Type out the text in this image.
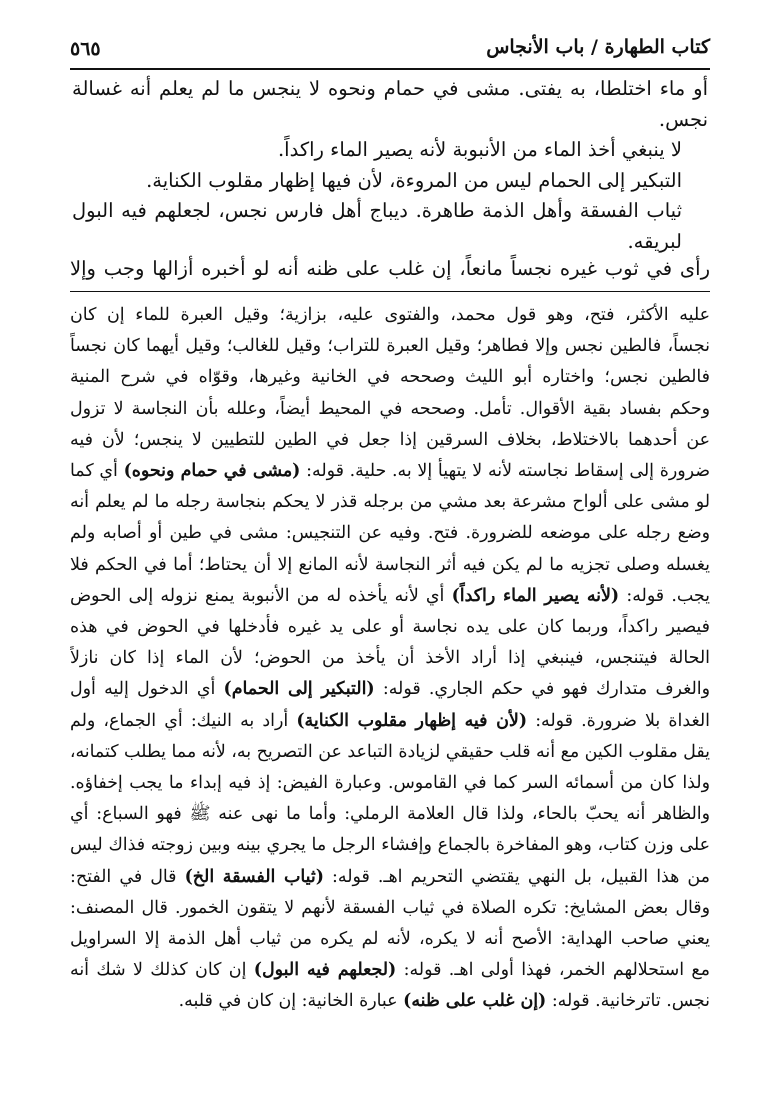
كتاب الطهارة / باب الأنجاس
٥٦٥

أو ماء اختلطا، به يفتى. مشى في حمام ونحوه لا ينجس ما لم يعلم أنه غسالة نجس.

لا ينبغي أخذ الماء من الأنبوبة لأنه يصير الماء راكداً.

التبكير إلى الحمام ليس من المروءة، لأن فيها إظهار مقلوب الكناية.

ثياب الفسقة وأهل الذمة طاهرة. ديباج أهل فارس نجس، لجعلهم فيه البول لبريقه.

رأى في ثوب غيره نجساً مانعاً، إن غلب على ظنه أنه لو أخبره أزالها وجب وإلا
عليه الأكثر، فتح، وهو قول محمد، والفتوى عليه، بزازية؛ وقيل العبرة للماء إن كان
نجساً، فالطين نجس وإلا فطاهر؛ وقيل العبرة للتراب؛ وقيل للغالب؛ وقيل أيهما كان نجساً
فالطين نجس؛ واختاره أبو الليث وصححه في الخانية وغيرها، وقوّاه في شرح المنية
وحكم بفساد بقية الأقوال. تأمل. وصححه في المحيط أيضاً، وعلله بأن النجاسة لا تزول
عن أحدهما بالاختلاط، بخلاف السرقين إذا جعل في الطين للتطيين لا ينجس؛ لأن فيه
ضرورة إلى إسقاط نجاسته لأنه لا يتهيأ إلا به. حلية. قوله: (مشى في حمام ونحوه) أي كما
لو مشى على ألواح مشرعة بعد مشي من برجله قذر لا يحكم بنجاسة رجله ما لم يعلم أنه
وضع رجله على موضعه للضرورة. فتح. وفيه عن التنجيس: مشى في طين أو أصابه ولم
يغسله وصلى تجزيه ما لم يكن فيه أثر النجاسة لأنه المانع إلا أن يحتاط؛ أما في الحكم فلا
يجب. قوله: (لأنه يصير الماء راكداً) أي لأنه يأخذه له من الأنبوبة يمنع نزوله إلى الحوض
فيصير راكداً، وربما كان على يده نجاسة أو على يد غيره فأدخلها في الحوض في هذه
الحالة فيتنجس، فينبغي إذا أراد الأخذ أن يأخذ من الحوض؛ لأن الماء إذا كان نازلاً
والغرف متدارك فهو في حكم الجاري. قوله: (التبكير إلى الحمام) أي الدخول إليه أول
الغداة بلا ضرورة. قوله: (لأن فيه إظهار مقلوب الكناية) أراد به النيك: أي الجماع، ولم
يقل مقلوب الكين مع أنه قلب حقيقي لزيادة التباعد عن التصريح به، لأنه مما يطلب كتمانه،
ولذا كان من أسمائه السر كما في القاموس. وعبارة الفيض: إذ فيه إبداء ما يجب إخفاؤه.
والظاهر أنه يحبّ بالحاء، ولذا قال العلامة الرملي: وأما ما نهى عنه ﷺ فهو السباع: أي
على وزن كتاب، وهو المفاخرة بالجماع وإفشاء الرجل ما يجري بينه وبين زوجته فذاك ليس
من هذا القبيل، بل النهي يقتضي التحريم اهـ. قوله: (ثياب الفسقة الخ) قال في الفتح:
وقال بعض المشايخ: تكره الصلاة في ثياب الفسقة لأنهم لا يتقون الخمور. قال المصنف:
يعني صاحب الهداية: الأصح أنه لا يكره، لأنه لم يكره من ثياب أهل الذمة إلا السراويل
مع استحلالهم الخمر، فهذا أولى اهـ. قوله: (لجعلهم فيه البول) إن كان كذلك لا شك أنه
نجس. تاترخانية. قوله: (إن غلب على ظنه) عبارة الخانية: إن كان في قلبه.
